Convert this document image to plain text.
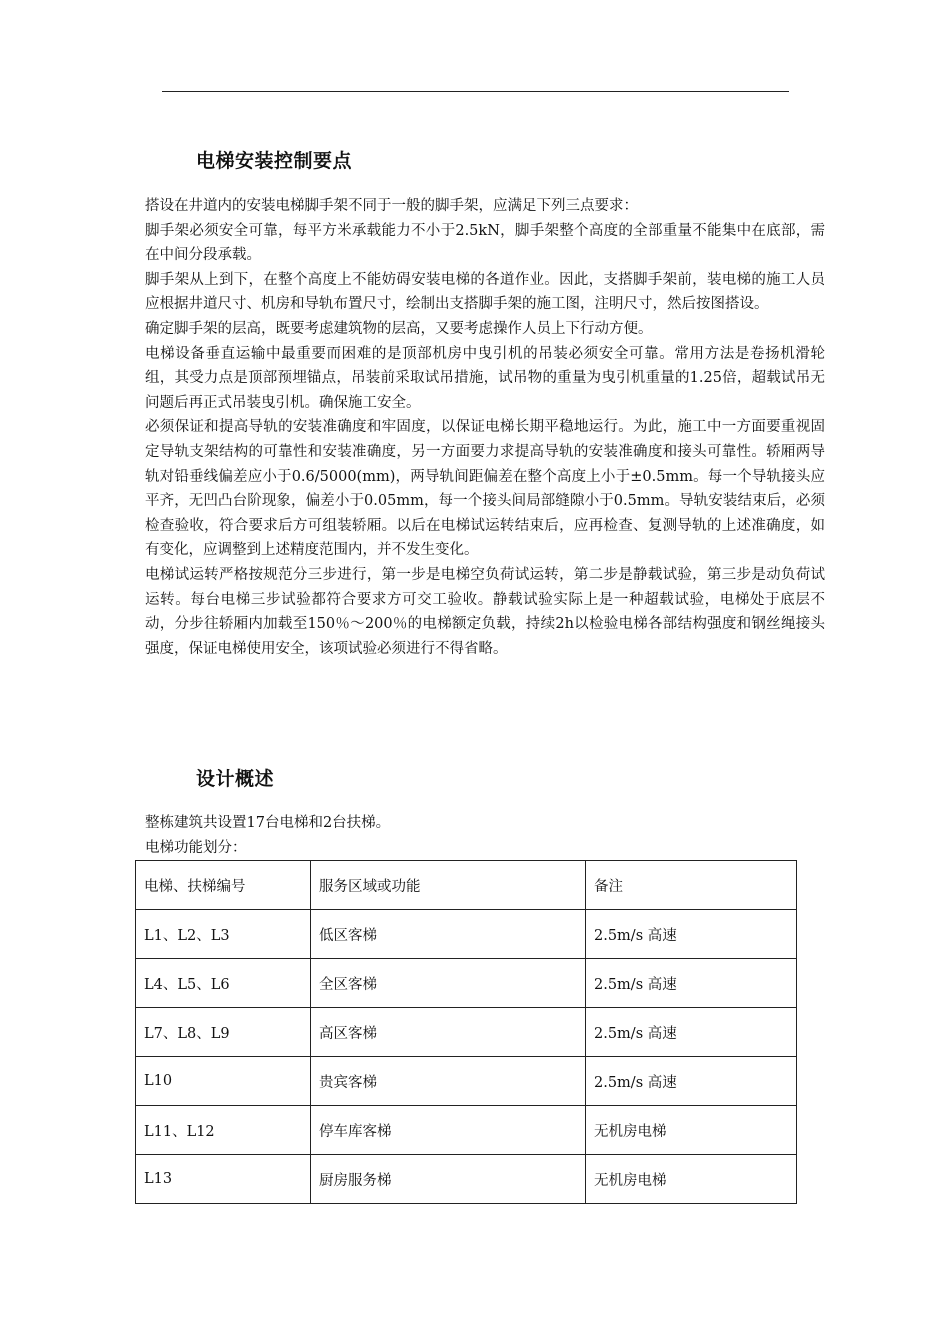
电梯安装控制要点

搭设在井道内的安装电梯脚手架不同于一般的脚手架，应满足下列三点要求：

脚手架必须安全可靠，每平方米承载能力不小于2.5kN，脚手架整个高度的全部重量不能集中在底部，需在中间分段承载。

脚手架从上到下，在整个高度上不能妨碍安装电梯的各道作业。因此，支搭脚手架前，装电梯的施工人员应根据井道尺寸、机房和导轨布置尺寸，绘制出支搭脚手架的施工图，注明尺寸，然后按图搭设。

确定脚手架的层高，既要考虑建筑物的层高，又要考虑操作人员上下行动方便。

电梯设备垂直运输中最重要而困难的是顶部机房中曳引机的吊装必须安全可靠。常用方法是卷扬机滑轮组，其受力点是顶部预埋锚点，吊装前采取试吊措施，试吊物的重量为曳引机重量的1.25倍，超载试吊无问题后再正式吊装曳引机。确保施工安全。

必须保证和提高导轨的安装准确度和牢固度，以保证电梯长期平稳地运行。为此，施工中一方面要重视固定导轨支架结构的可靠性和安装准确度，另一方面要力求提高导轨的安装准确度和接头可靠性。轿厢两导轨对铅垂线偏差应小于0.6/5000(mm)，两导轨间距偏差在整个高度上小于±0.5mm。每一个导轨接头应平齐，无凹凸台阶现象，偏差小于0.05mm，每一个接头间局部缝隙小于0.5mm。导轨安装结束后，必须检查验收，符合要求后方可组装轿厢。以后在电梯试运转结束后，应再检查、复测导轨的上述准确度，如有变化，应调整到上述精度范围内，并不发生变化。

电梯试运转严格按规范分三步进行，第一步是电梯空负荷试运转，第二步是静载试验，第三步是动负荷试运转。每台电梯三步试验都符合要求方可交工验收。静载试验实际上是一种超载试验，电梯处于底层不动，分步往轿厢内加载至150％～200％的电梯额定负载，持续2h以检验电梯各部结构强度和钢丝绳接头强度，保证电梯使用安全，该项试验必须进行不得省略。

设计概述

整栋建筑共设置17台电梯和2台扶梯。

电梯功能划分：

电梯、扶梯编号	服务区域或功能	备注
L1、L2、L3	低区客梯	2.5m/s 高速
L4、L5、L6	全区客梯	2.5m/s 高速
L7、L8、L9	高区客梯	2.5m/s 高速
L10	贵宾客梯	2.5m/s 高速
L11、L12	停车库客梯	无机房电梯
L13	厨房服务梯	无机房电梯
